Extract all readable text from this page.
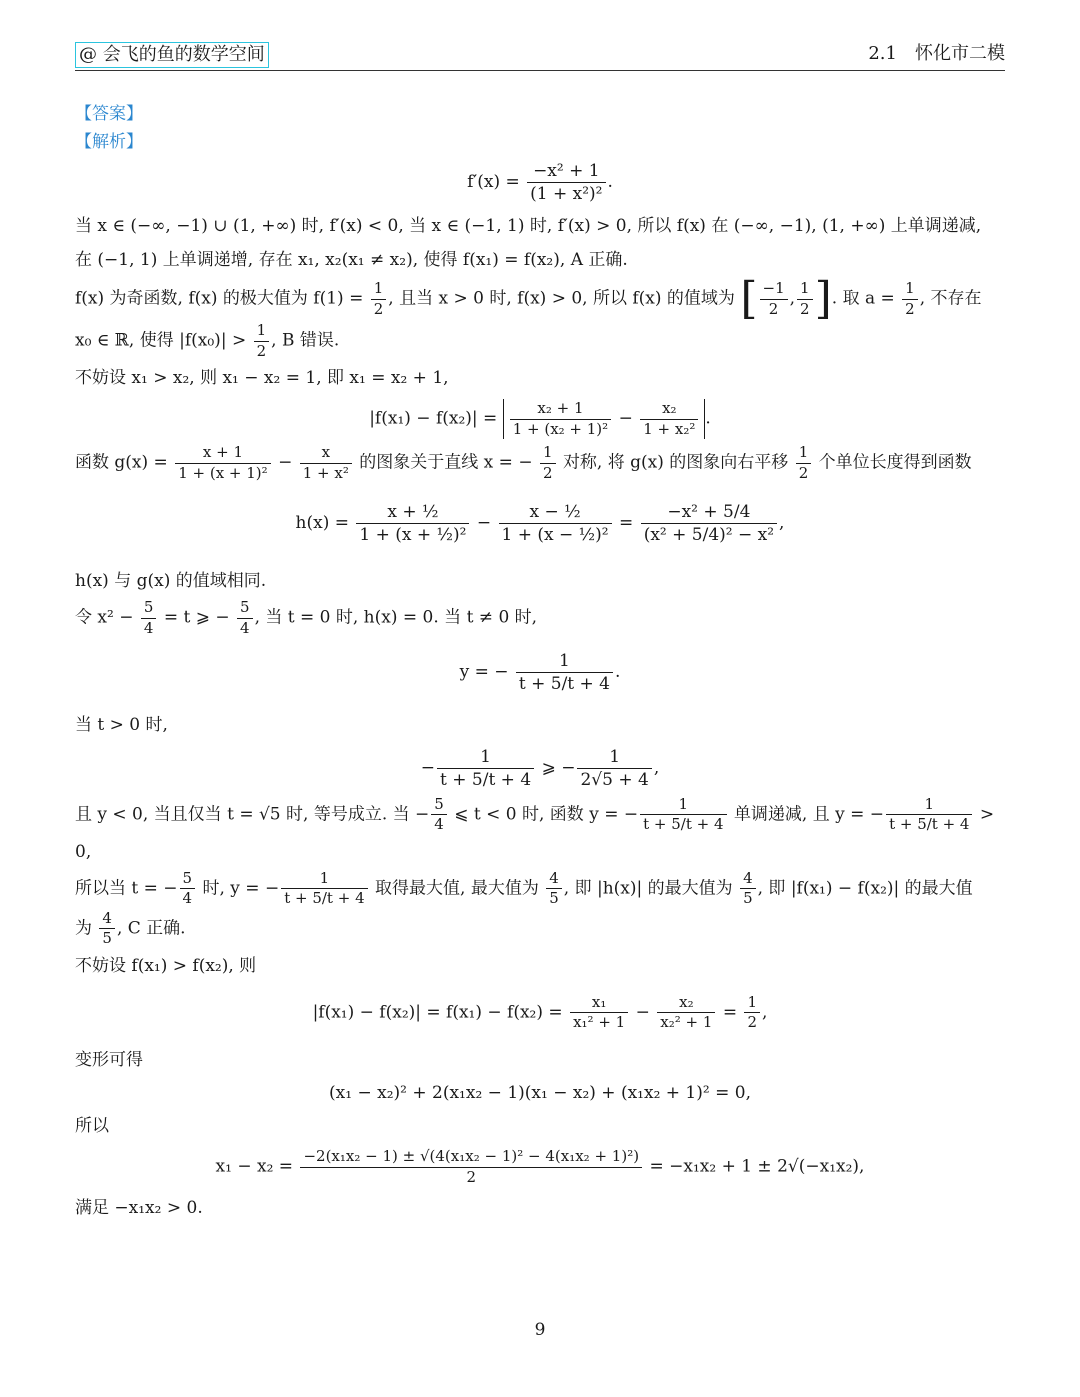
@ 会飞的鱼的数学空间	2.1　怀化市二模
【答案】
【解析】
$f'(x) = \frac{\text{−x² + 1}}{\text{(1 + x²)²}}$ .

当 x ∈ (−∞, −1) ∪ (1, +∞) 时, f′(x) < 0, 当 x ∈ (−1, 1) 时, f′(x) > 0, 所以 f(x) 在 (−∞, −1), (1, +∞) 上单调递减,

在 (−1, 1) 上单调递增, 存在 x₁, x₂(x₁ ≠ x₂), 使得 f(x₁) = f(x₂), A 正确.

f(x) 为奇函数, f(x) 的极大值为 $f(1) = \frac{1}{2}$ , 且当 x > 0 时, f(x) > 0, 所以 f(x) 的值域为 [ $\frac{-1}{2}$ , $\frac{1}{2}$ ]. 取 $a = \frac{1}{2}$ , 不存在

x₀ ∈ ℝ, 使得 $|f(x_0)| > \frac{1}{2}$ , B 错误.

不妨设 x₁ > x₂, 则 x₁ − x₂ = 1, 即 x₁ = x₂ + 1,

$|f(x_1) - f(x_2)| = \frac{\text{x₂ + 1}}{\text{1 + (x₂ + 1)²}} - \frac{\text{x₂}}{\text{1 + x₂²}}$ .

函数 $g(x) = \frac{x + 1}{\text{1 + (x + 1)²}} - \frac{x}{\text{1 + x²}}$ 的图象关于直线 x = − $\frac{1}{2}$ 对称, 将 g(x) 的图象向右平移 $\frac{1}{2}$ 个单位长度得到函数

$h(x) = \frac{\text{x + ½}}{\text{1 + (x + ½)²}} - \frac{\text{x − ½}}{\text{1 + (x − ½)²}} = \frac{\text{−x² + 5/4}}{\text{(x² + 5/4)² − x²}}$ ,

h(x) 与 g(x) 的值域相同.

令 $x^2 - \frac{5}{4} = t$ ⩾ − $\frac{5}{4}$ , 当 t = 0 时, h(x) = 0. 当 t ≠ 0 时,

y = − $\frac{1}{t + 5/t + 4}$ .

当 t > 0 时,

− $\frac{1}{t + 5/t + 4}$ ⩾ − $\frac{1}{2√5 + 4}$ ,

且 y < 0, 当且仅当 t = √5 时, 等号成立. 当 − $\frac{5}{4}$ ⩽ t < 0 时, 函数 y = − $\frac{1}{t + 5/t + 4}$ 单调递减, 且 y = − $\frac{1}{t + 5/t + 4} > 0$,

所以当 t = − $\frac{5}{4}$ 时, y = − $\frac{1}{t + 5/t + 4}$ 取得最大值, 最大值为 $\frac{4}{5}$ , 即 |h(x)| 的最大值为 $\frac{4}{5}$ , 即 |f(x₁) − f(x₂)| 的最大值

为 $\frac{4}{5}$ , C 正确.

不妨设 f(x₁) > f(x₂), 则

$|f(x_1) - f(x_2)| = f(x_1) - f(x_2) = \frac{\text{x₁}}{\text{x₁² + 1}} - \frac{\text{x₂}}{\text{x₂² + 1}} = \frac{1}{2}$ ,

变形可得

(x₁ − x₂)² + 2(x₁x₂ − 1)(x₁ − x₂) + (x₁x₂ + 1)² = 0,

所以

$x_1 - x_2 = \frac{\text{−2(x₁x₂ − 1) ± √(4(x₁x₂ − 1)² − 4(x₁x₂ + 1)²)}}{2} = -x_1x_2 + 1 \pm 2√(-x_1x_2)$,

满足 −x₁x₂ > 0.

9
